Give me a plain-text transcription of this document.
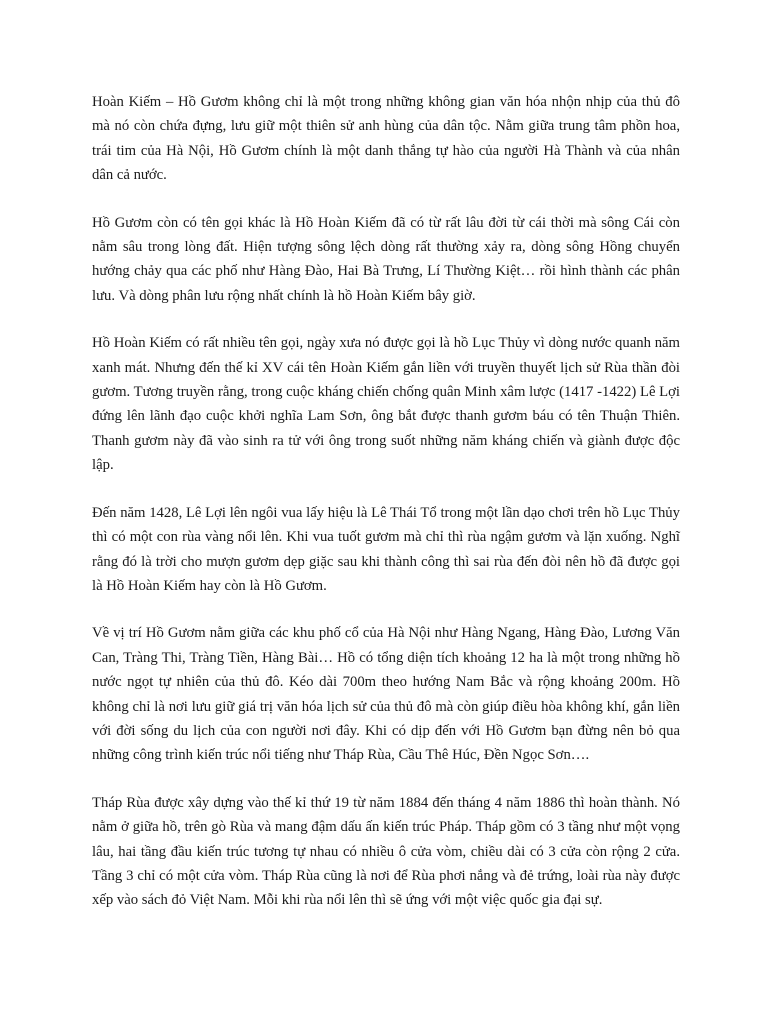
Hoàn Kiếm – Hồ Gươm không chỉ là một trong những không gian văn hóa nhộn nhịp của thủ đô mà nó còn chứa đựng, lưu giữ một thiên sử anh hùng của dân tộc. Nằm giữa trung tâm phồn hoa, trái tim của Hà Nội, Hồ Gươm chính là một danh thắng tự hào của người Hà Thành và của nhân dân cả nước.

Hồ Gươm còn có tên gọi khác là Hồ Hoàn Kiếm đã có từ rất lâu đời từ cái thời mà sông Cái còn nằm sâu trong lòng đất. Hiện tượng sông lệch dòng rất thường xảy ra, dòng sông Hồng chuyển hướng chảy qua các phố như Hàng Đào, Hai Bà Trưng, Lí Thường Kiệt… rồi hình thành các phân lưu. Và dòng phân lưu rộng nhất chính là hồ Hoàn Kiếm bây giờ.

Hồ Hoàn Kiếm có rất nhiều tên gọi, ngày xưa nó được gọi là hồ Lục Thủy vì dòng nước quanh năm xanh mát. Nhưng đến thế kỉ XV cái tên Hoàn Kiếm gắn liền với truyền thuyết lịch sử Rùa thần đòi gươm. Tương truyền rằng, trong cuộc kháng chiến chống quân Minh xâm lược (1417 -1422) Lê Lợi đứng lên lãnh đạo cuộc khởi nghĩa Lam Sơn, ông bắt được thanh gươm báu có tên Thuận Thiên. Thanh gươm này đã vào sinh ra tử với ông trong suốt những năm kháng chiến và giành được độc lập.

Đến năm 1428, Lê Lợi lên ngôi vua lấy hiệu là Lê Thái Tổ trong một lần dạo chơi trên hồ Lục Thủy thì có một con rùa vàng nổi lên. Khi vua tuốt gươm mà chỉ thì rùa ngậm gươm và lặn xuống. Nghĩ rằng đó là trời cho mượn gươm dẹp giặc sau khi thành công thì sai rùa đến đòi nên hồ đã được gọi là Hồ Hoàn Kiếm hay còn là Hồ Gươm.

Về vị trí Hồ Gươm nằm giữa các khu phố cổ của Hà Nội như Hàng Ngang, Hàng Đào, Lương Văn Can, Tràng Thi, Tràng Tiền, Hàng Bài… Hồ có tổng diện tích khoảng 12 ha là một trong những hồ nước ngọt tự nhiên của thủ đô. Kéo dài 700m theo hướng Nam Bắc và rộng khoảng 200m. Hồ không chỉ là nơi lưu giữ giá trị văn hóa lịch sử của thủ đô mà còn giúp điều hòa không khí, gắn liền với đời sống du lịch của con người nơi đây. Khi có dịp đến với Hồ Gươm bạn đừng nên bỏ qua những công trình kiến trúc nổi tiếng như Tháp Rùa, Cầu Thê Húc, Đền Ngọc Sơn….

Tháp Rùa được xây dựng vào thế kỉ thứ 19 từ năm 1884 đến tháng 4 năm 1886 thì hoàn thành. Nó nằm ở giữa hồ, trên gò Rùa và mang đậm dấu ấn kiến trúc Pháp. Tháp gồm có 3 tầng như một vọng lâu, hai tầng đầu kiến trúc tương tự nhau có nhiều ô cửa vòm, chiều dài có 3 cửa còn rộng 2 cửa. Tầng 3 chỉ có một cửa vòm. Tháp Rùa cũng là nơi để Rùa phơi nắng và đẻ trứng, loài rùa này được xếp vào sách đỏ Việt Nam. Mỗi khi rùa nổi lên thì sẽ ứng với một việc quốc gia đại sự.
